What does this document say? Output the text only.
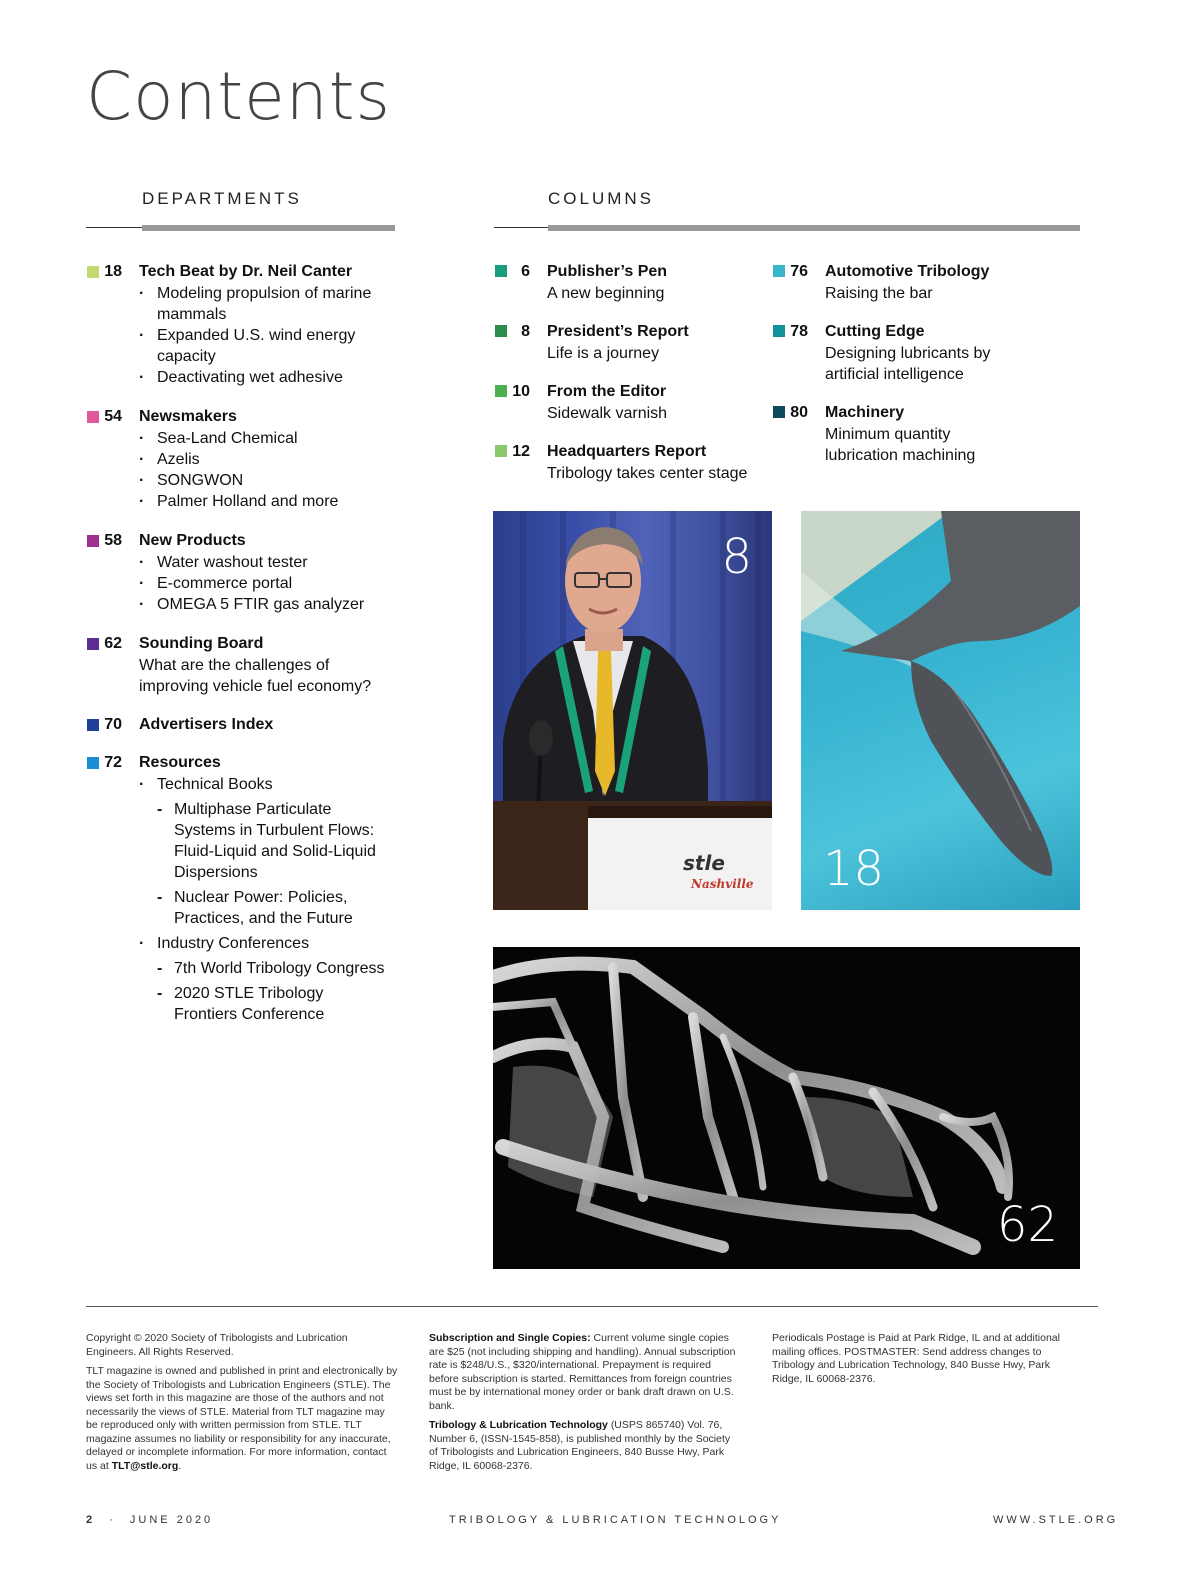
Contents
DEPARTMENTS	COLUMNS
18 Tech Beat by Dr. Neil Canter
· Modeling propulsion of marine mammals
· Expanded U.S. wind energy capacity
· Deactivating wet adhesive
54 Newsmakers
· Sea-Land Chemical
· Azelis
· SONGWON
· Palmer Holland and more
58 New Products
· Water washout tester
· E-commerce portal
· OMEGA 5 FTIR gas analyzer
62 Sounding Board
What are the challenges of improving vehicle fuel economy?
70 Advertisers Index
72 Resources
· Technical Books
- Multiphase Particulate Systems in Turbulent Flows: Fluid-Liquid and Solid-Liquid Dispersions
- Nuclear Power: Policies, Practices, and the Future
· Industry Conferences
- 7th World Tribology Congress
- 2020 STLE Tribology Frontiers Conference
6 Publisher’s Pen
A new beginning
8 President’s Report
Life is a journey
10 From the Editor
Sidewalk varnish
12 Headquarters Report
Tribology takes center stage
76 Automotive Tribology
Raising the bar
78 Cutting Edge
Designing lubricants by artificial intelligence
80 Machinery
Minimum quantity lubrication machining
stle
Nashville
8
18
62

Copyright © 2020 Society of Tribologists and Lubrication Engineers. All Rights Reserved.

TLT magazine is owned and published in print and electronically by the Society of Tribologists and Lubrication Engineers (STLE). The views set forth in this magazine are those of the authors and not necessarily the views of STLE. Material from TLT magazine may be reproduced only with written permission from STLE. TLT magazine assumes no liability or responsibility for any inaccurate, delayed or incomplete information. For more information, contact us at TLT@stle.org.

Subscription and Single Copies: Current volume single copies are $25 (not including shipping and handling). Annual subscription rate is $248/U.S., $320/international. Prepayment is required before subscription is started. Remittances from foreign countries must be by international money order or bank draft drawn on U.S. bank.

Tribology & Lubrication Technology (USPS 865740) Vol. 76, Number 6, (ISSN-1545-858), is published monthly by the Society of Tribologists and Lubrication Engineers, 840 Busse Hwy, Park Ridge, IL 60068-2376.

Periodicals Postage is Paid at Park Ridge, IL and at additional mailing offices. POSTMASTER: Send address changes to Tribology and Lubrication Technology, 840 Busse Hwy, Park Ridge, IL 60068-2376.

2 · JUNE 2020	TRIBOLOGY & LUBRICATION TECHNOLOGY	WWW.STLE.ORG
